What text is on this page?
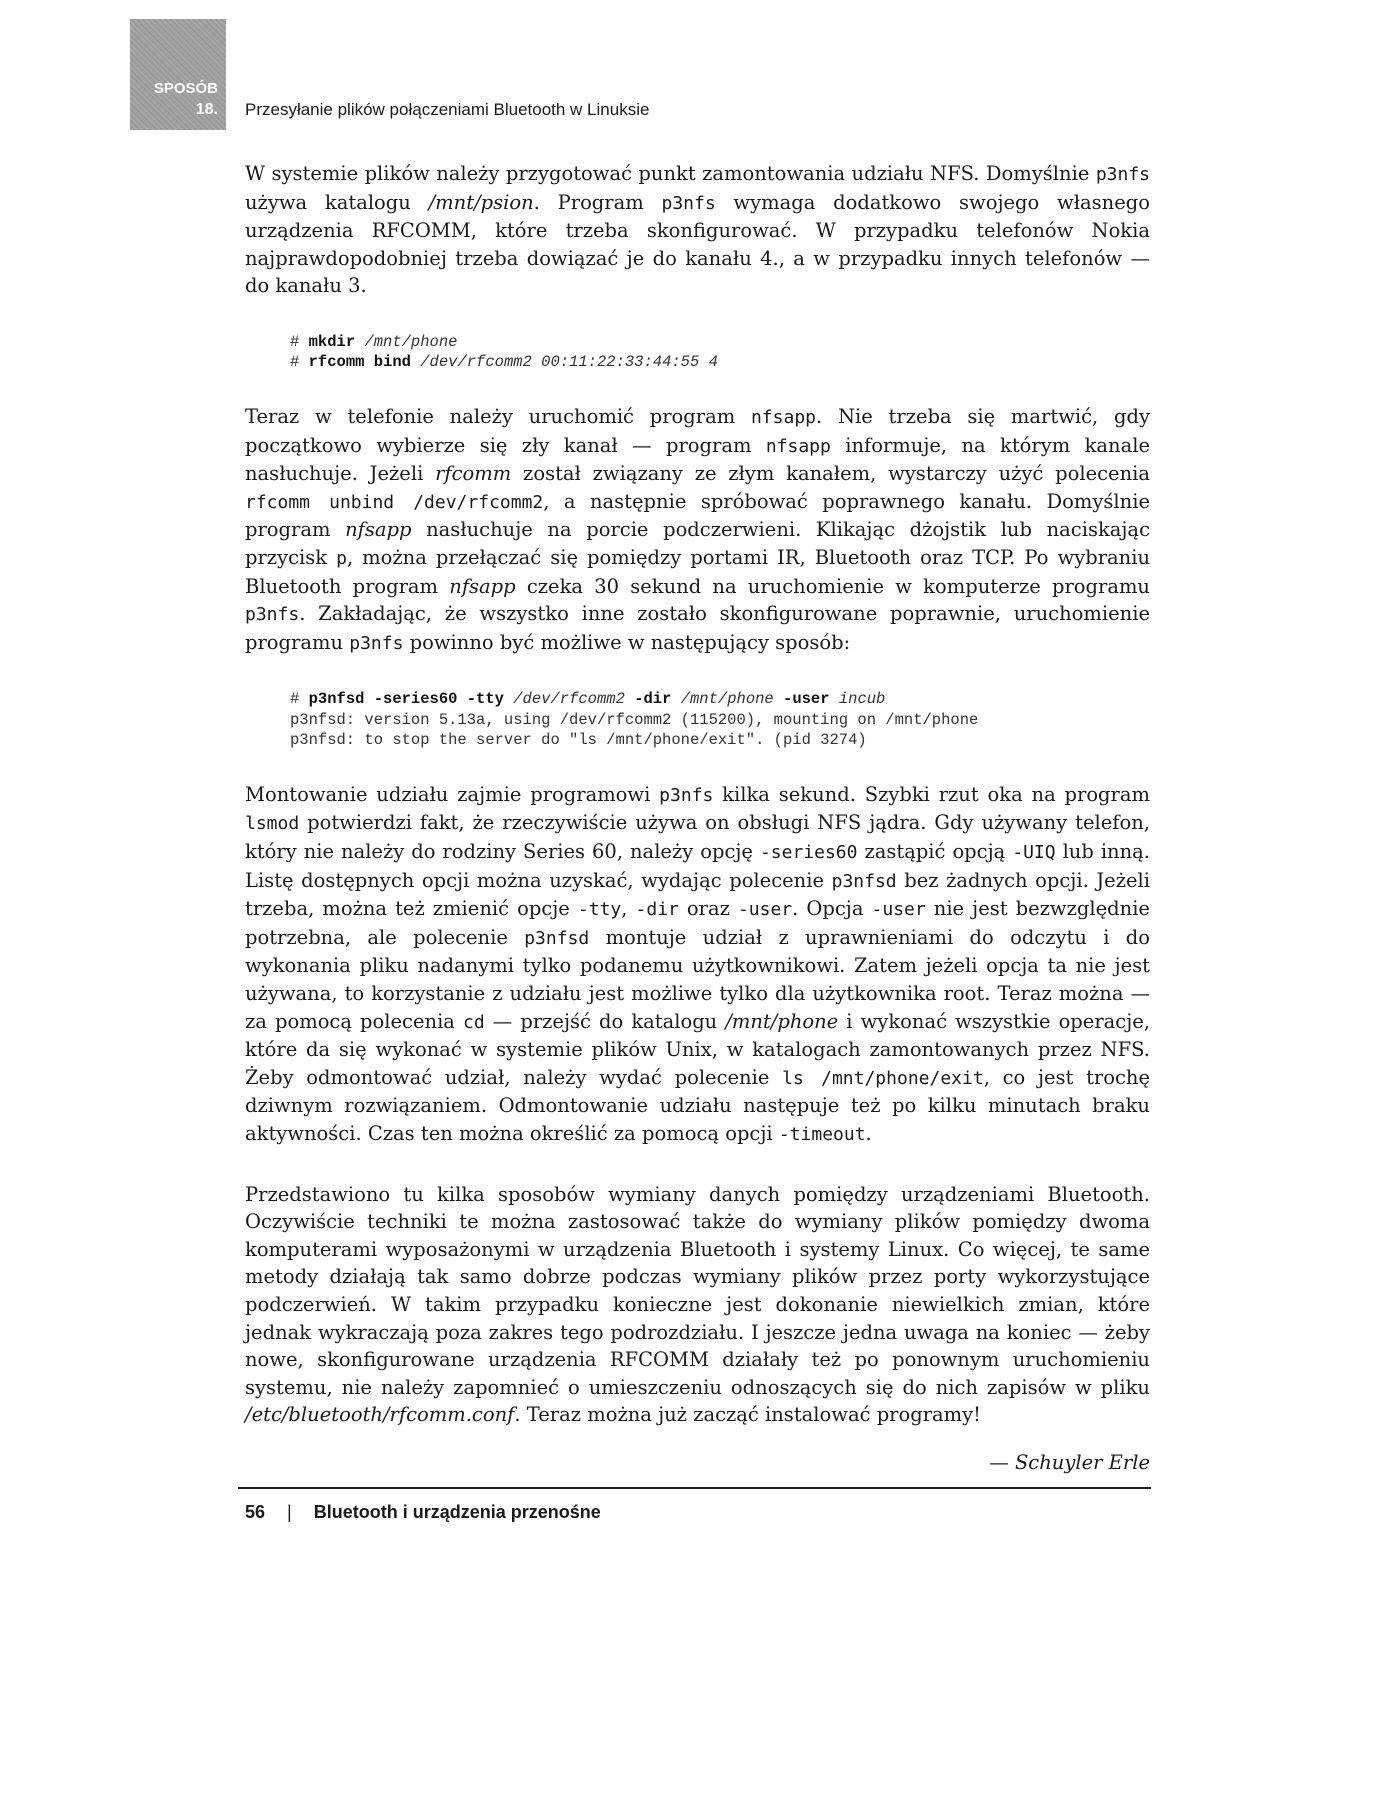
SPOSÓB
18. Przesyłanie plików połączeniami Bluetooth w Linuksie

W systemie plików należy przygotować punkt zamontowania udziału NFS. Domyślnie p3nfs używa katalogu /mnt/psion. Program p3nfs wymaga dodatkowo swojego własnego urządzenia RFCOMM, które trzeba skonfigurować. W przypadku telefonów Nokia najprawdopodobniej trzeba dowiązać je do kanału 4., a w przypadku innych telefonów — do kanału 3.

# mkdir /mnt/phone
# rfcomm bind /dev/rfcomm2 00:11:22:33:44:55 4

Teraz w telefonie należy uruchomić program nfsapp. Nie trzeba się martwić, gdy początkowo wybierze się zły kanał — program nfsapp informuje, na którym kanale nasłuchuje. Jeżeli rfcomm został związany ze złym kanałem, wystarczy użyć polecenia rfcomm unbind /dev/rfcomm2, a następnie spróbować poprawnego kanału. Domyślnie program nfsapp nasłuchuje na porcie podczerwieni. Klikając dżojstik lub naciskając przycisk p, można przełączać się pomiędzy portami IR, Bluetooth oraz TCP. Po wybraniu Bluetooth program nfsapp czeka 30 sekund na uruchomienie w komputerze programu p3nfs. Zakładając, że wszystko inne zostało skonfigurowane poprawnie, uruchomienie programu p3nfs powinno być możliwe w następujący sposób:

# p3nfsd -series60 -tty /dev/rfcomm2 -dir /mnt/phone -user incub
p3nfsd: version 5.13a, using /dev/rfcomm2 (115200), mounting on /mnt/phone
p3nfsd: to stop the server do "ls /mnt/phone/exit". (pid 3274)

Montowanie udziału zajmie programowi p3nfs kilka sekund. Szybki rzut oka na program lsmod potwierdzi fakt, że rzeczywiście używa on obsługi NFS jądra. Gdy używany telefon, który nie należy do rodziny Series 60, należy opcję -series60 zastąpić opcją -UIQ lub inną. Listę dostępnych opcji można uzyskać, wydając polecenie p3nfsd bez żadnych opcji. Jeżeli trzeba, można też zmienić opcje -tty, -dir oraz -user. Opcja -user nie jest bezwzględnie potrzebna, ale polecenie p3nfsd montuje udział z uprawnieniami do odczytu i do wykonania pliku nadanymi tylko podanemu użytkownikowi. Zatem jeżeli opcja ta nie jest używana, to korzystanie z udziału jest możliwe tylko dla użytkownika root. Teraz można — za pomocą polecenia cd — przejść do katalogu /mnt/phone i wykonać wszystkie operacje, które da się wykonać w systemie plików Unix, w katalogach zamontowanych przez NFS. Żeby odmontować udział, należy wydać polecenie ls /mnt/phone/exit, co jest trochę dziwnym rozwiązaniem. Odmontowanie udziału następuje też po kilku minutach braku aktywności. Czas ten można określić za pomocą opcji -timeout.

Przedstawiono tu kilka sposobów wymiany danych pomiędzy urządzeniami Bluetooth. Oczywiście techniki te można zastosować także do wymiany plików pomiędzy dwoma komputerami wyposażonymi w urządzenia Bluetooth i systemy Linux. Co więcej, te same metody działają tak samo dobrze podczas wymiany plików przez porty wykorzystujące podczerwień. W takim przypadku konieczne jest dokonanie niewielkich zmian, które jednak wykraczają poza zakres tego podrozdziału. I jeszcze jedna uwaga na koniec — żeby nowe, skonfigurowane urządzenia RFCOMM działały też po ponownym uruchomieniu systemu, nie należy zapomnieć o umieszczeniu odnoszących się do nich zapisów w pliku /etc/bluetooth/rfcomm.conf. Teraz można już zacząć instalować programy!

— Schuyler Erle

56 | Bluetooth i urządzenia przenośne
